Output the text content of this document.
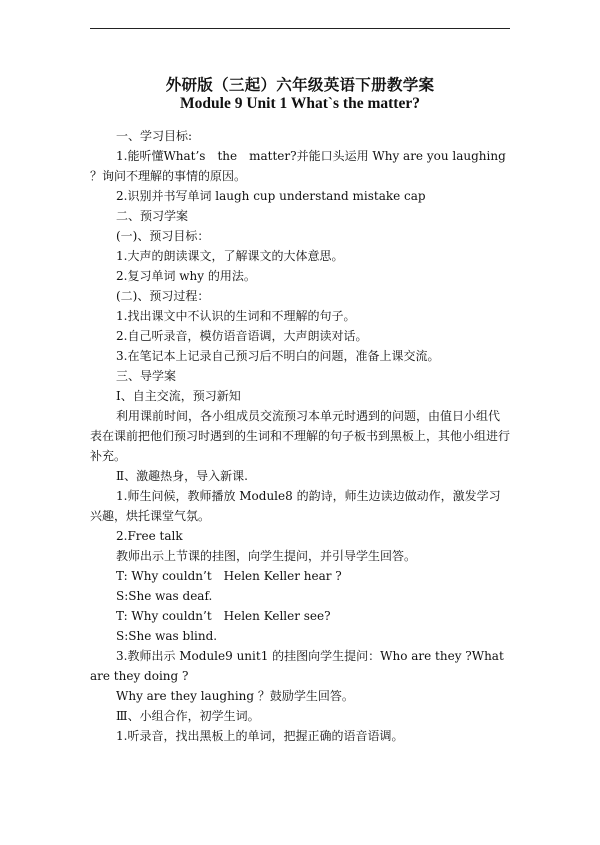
外研版（三起）六年级英语下册教学案
Module 9 Unit 1 What`s the matter?

一、学习目标:

1.能听懂What’s　the　matter?并能口头运用 Why are you laughing ？询问不理解的事情的原因。

2.识别并书写单词 laugh cup understand mistake cap

二、预习学案

(一)、预习目标：

1.大声的朗读课文，了解课文的大体意思。

2.复习单词 why 的用法。

(二)、预习过程：

1.找出课文中不认识的生词和不理解的句子。

2.自己听录音，模仿语音语调，大声朗读对话。

3.在笔记本上记录自己预习后不明白的问题，准备上课交流。

三、导学案

Ⅰ、自主交流，预习新知

利用课前时间，各小组成员交流预习本单元时遇到的问题，由值日小组代表在课前把他们预习时遇到的生词和不理解的句子板书到黑板上，其他小组进行补充。

Ⅱ、激趣热身，导入新课.

1.师生问候，教师播放 Module8 的韵诗，师生边读边做动作，激发学习兴趣，烘托课堂气氛。

2.Free talk

教师出示上节课的挂图，向学生提问，并引导学生回答。

T: Why couldn’t　Helen Keller hear ?

S:She was deaf.

T: Why couldn’t　Helen Keller see?

S:She was blind.

3.教师出示 Module9 unit1 的挂图向学生提问：Who are they ?What are they doing ?

Why are they laughing ？鼓励学生回答。

Ⅲ、小组合作，初学生词。

1.听录音，找出黑板上的单词，把握正确的语音语调。
